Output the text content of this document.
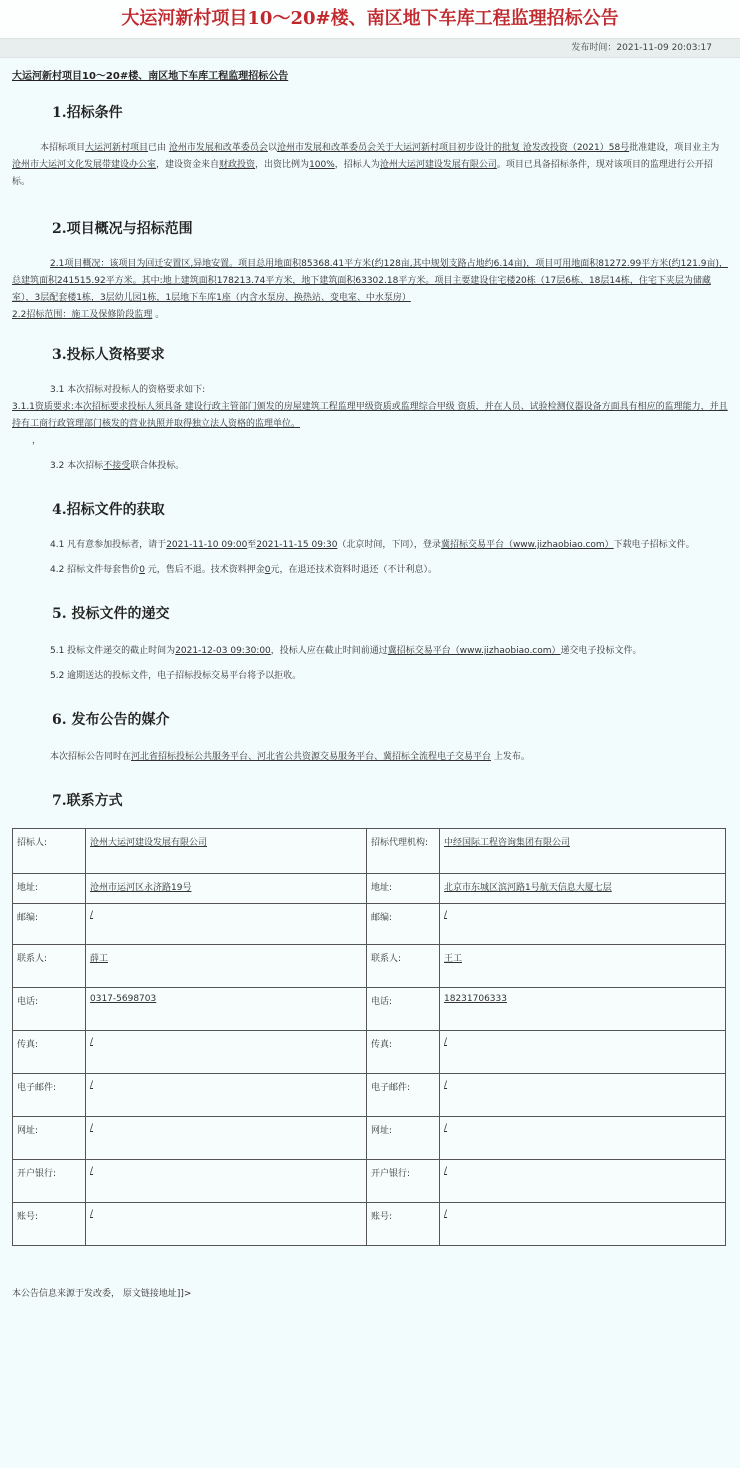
大运河新村项目10～20#楼、南区地下车库工程监理招标公告
发布时间：2021-11-09 20:03:17
大运河新村项目10～20#楼、南区地下车库工程监理招标公告
1.招标条件

本招标项目大运河新村项目已由 沧州市发展和改革委员会以沧州市发展和改革委员会关于大运河新村项目初步设计的批复 沧发改投资（2021）58号批准建设，项目业主为沧州市大运河文化发展带建设办公室，建设资金来自财政投资，出资比例为100%，招标人为沧州大运河建设发展有限公司。项目已具备招标条件，现对该项目的监理进行公开招标。

2.项目概况与招标范围

2.1项目概况：该项目为回迁安置区,异地安置。项目总用地面积85368.41平方米(约128亩,其中规划支路占地约6.14亩)，项目可用地面积81272.99平方米(约121.9亩)，总建筑面积241515.92平方米。其中:地上建筑面积178213.74平方米，地下建筑面积63302.18平方米。项目主要建设住宅楼20栋（17层6栋、18层14栋，住宅下夹层为储藏室），3层配套楼1栋，3层幼儿园1栋，1层地下车库1座（内含水泵房、换热站、变电室、中水泵房）

2.2招标范围：施工及保修阶段监理 。

3.投标人资格要求

3.1 本次招标对投标人的资格要求如下:

3.1.1资质要求:本次招标要求投标人须具备 建设行政主管部门颁发的房屋建筑工程监理甲级资质或监理综合甲级 资质，并在人员、试验检测仪器设备方面具有相应的监理能力，并且持有工商行政管理部门核发的营业执照并取得独立法人资格的监理单位。

，

3.2 本次招标不接受联合体投标。

4.招标文件的获取

4.1 凡有意参加投标者，请于2021-11-10 09:00至2021-11-15 09:30（北京时间，下同），登录冀招标交易平台（www.jizhaobiao.com）下载电子招标文件。

4.2 招标文件每套售价0 元，售后不退。技术资料押金0元，在退还技术资料时退还（不计利息）。

5. 投标文件的递交

5.1 投标文件递交的截止时间为2021-12-03 09:30:00，投标人应在截止时间前通过冀招标交易平台（www.jizhaobiao.com）递交电子投标文件。

5.2 逾期送达的投标文件，电子招标投标交易平台将予以拒收。

6. 发布公告的媒介

本次招标公告同时在河北省招标投标公共服务平台、河北省公共资源交易服务平台、冀招标全流程电子交易平台 上发布。

7.联系方式
招标人:	沧州大运河建设发展有限公司	招标代理机构:	中经国际工程咨询集团有限公司
地址:	沧州市运河区永济路19号	地址:	北京市东城区滨河路1号航天信息大厦七层
邮编:	/	邮编:	/
联系人:	薛工	联系人:	王工
电话:	0317-5698703	电话:	18231706333
传真:	/	传真:	/
电子邮件:	/	电子邮件:	/
网址:	/	网址:	/
开户银行:	/	开户银行:	/
账号:	/	账号:	/
本公告信息来源于发改委， 原文链接地址]]>
